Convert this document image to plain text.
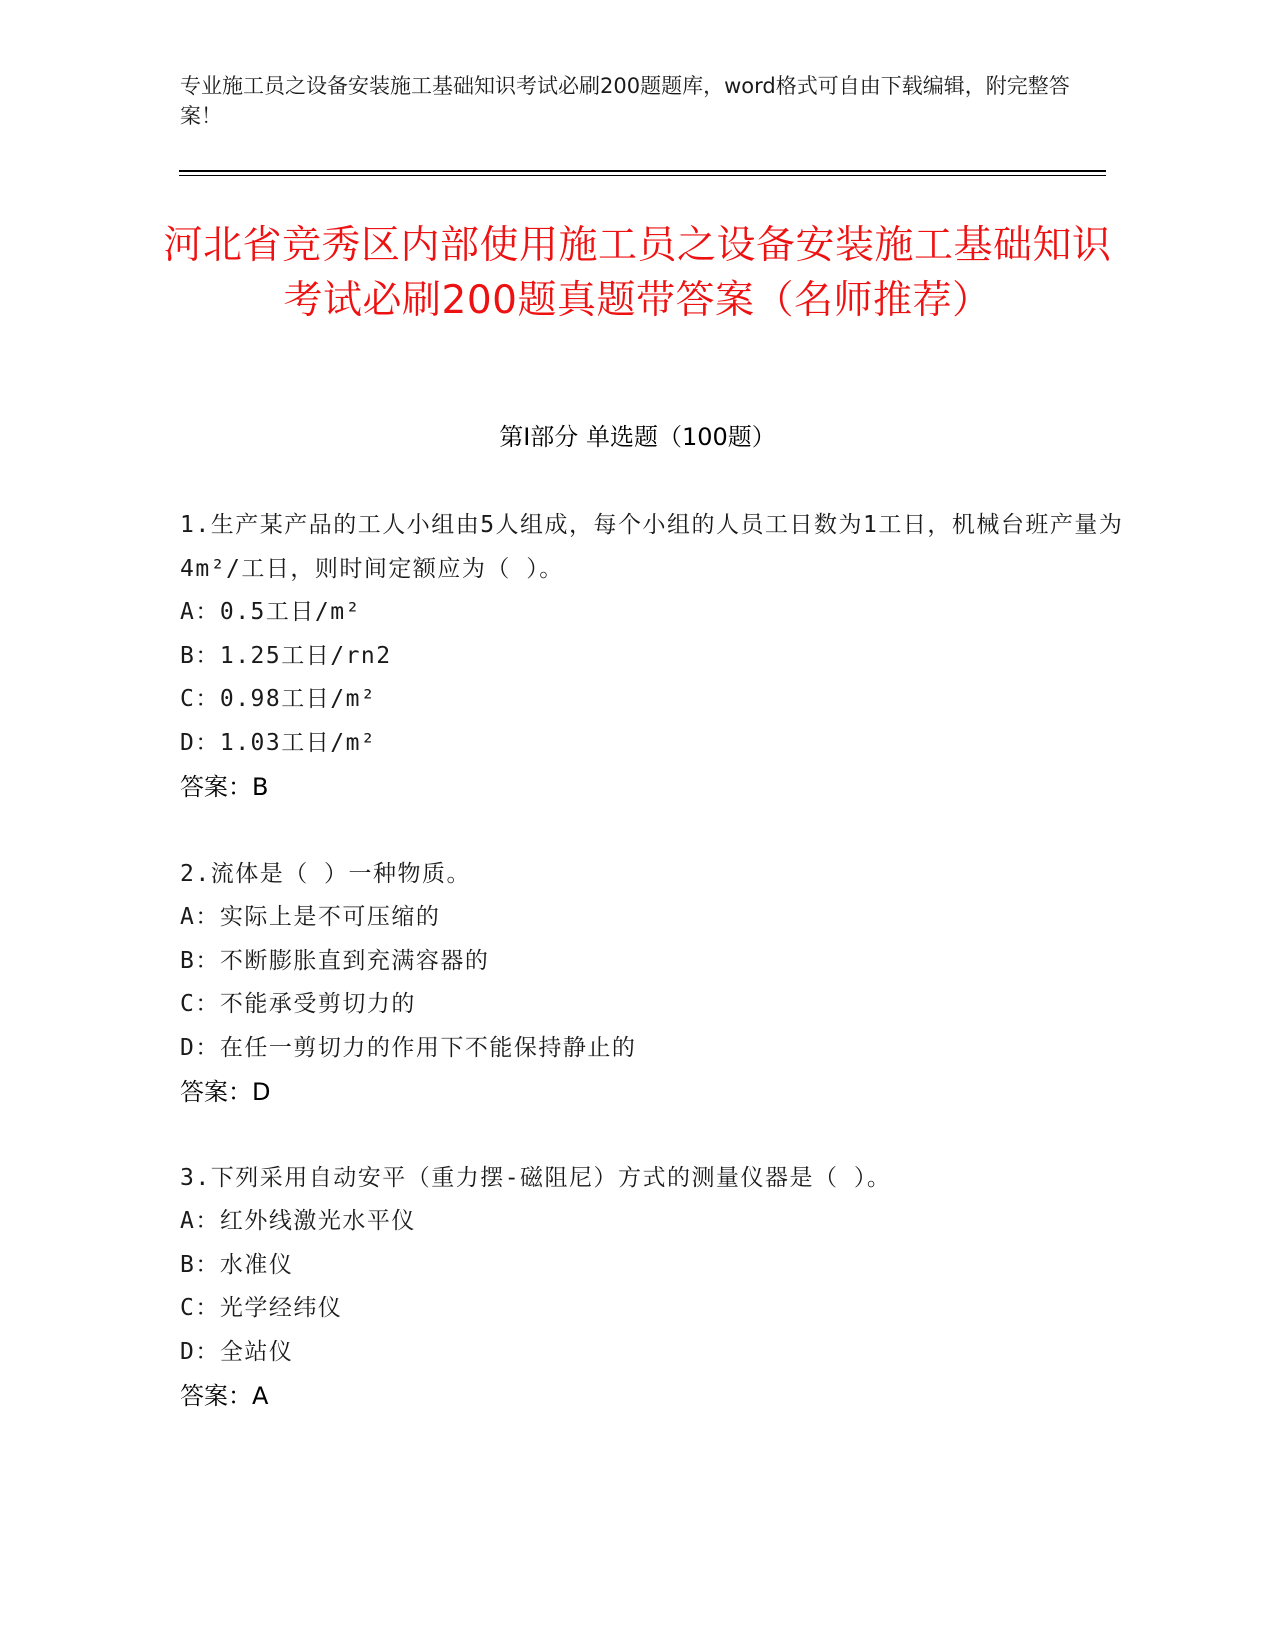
专业施工员之设备安装施工基础知识考试必刷200题题库，word格式可自由下载编辑，附完整答案！
河北省竞秀区内部使用施工员之设备安装施工基础知识考试必刷200题真题带答案（名师推荐）
第Ⅰ部分 单选题（100题）
1.生产某产品的工人小组由5人组成，每个小组的人员工日数为1工日，机械台班产量为4m²/工日，则时间定额应为（ ）。
A：0.5工日/m²
B：1.25工日/rn2
C：0.98工日/m²
D：1.03工日/m²
答案：B
2.流体是（ ）一种物质。
A：实际上是不可压缩的
B：不断膨胀直到充满容器的
C：不能承受剪切力的
D：在任一剪切力的作用下不能保持静止的
答案：D
3.下列采用自动安平（重力摆-磁阻尼）方式的测量仪器是（ ）。
A：红外线激光水平仪
B：水准仪
C：光学经纬仪
D：全站仪
答案：A
